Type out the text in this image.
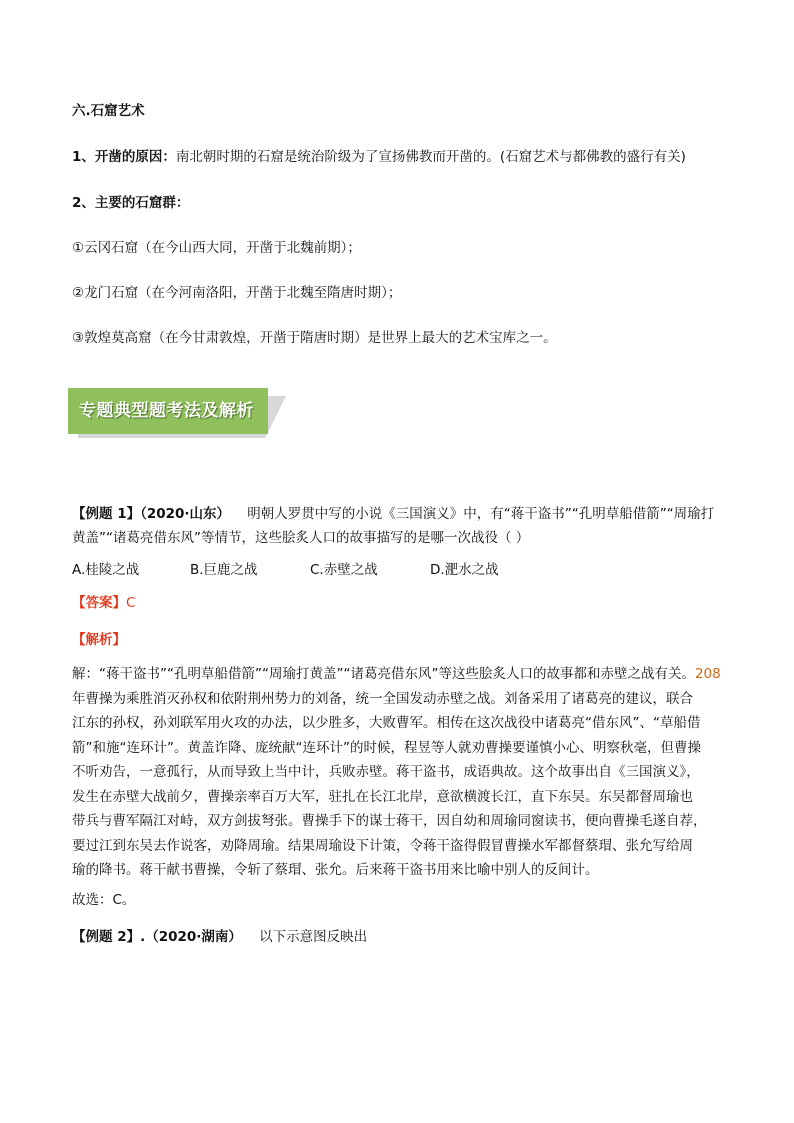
六.石窟艺术
1、开凿的原因：南北朝时期的石窟是统治阶级为了宣扬佛教而开凿的。(石窟艺术与都佛教的盛行有关)
2、主要的石窟群：
①云冈石窟（在今山西大同，开凿于北魏前期）；
②龙门石窟（在今河南洛阳，开凿于北魏至隋唐时期）；
③敦煌莫高窟（在今甘肃敦煌，开凿于隋唐时期）是世界上最大的艺术宝库之一。
专题典型题考法及解析
【例题 1】（2020·山东） 明朝人罗贯中写的小说《三国演义》中，有“蒋干盗书”“孔明草船借箭”“周瑜打
黄盖”“诸葛亮借东风”等情节，这些脍炙人口的故事描写的是哪一次战役（ ）
A.桂陵之战	B.巨鹿之战	C.赤壁之战	D.淝水之战
【答案】C
【解析】
解：“蒋干盗书”“孔明草船借箭”“周瑜打黄盖”“诸葛亮借东风”等这些脍炙人口的故事都和赤壁之战有关。208
年曹操为乘胜消灭孙权和依附荆州势力的刘备，统一全国发动赤壁之战。刘备采用了诸葛亮的建议，联合
江东的孙权，孙刘联军用火攻的办法，以少胜多，大败曹军。相传在这次战役中诸葛亮“借东风”、“草船借
箭”和施“连环计”。黄盖诈降、庞统献“连环计”的时候，程昱等人就劝曹操要谨慎小心、明察秋毫，但曹操
不听劝告，一意孤行，从而导致上当中计，兵败赤壁。蒋干盗书，成语典故。这个故事出自《三国演义》，
发生在赤壁大战前夕，曹操亲率百万大军，驻扎在长江北岸，意欲横渡长江，直下东吴。东吴都督周瑜也
带兵与曹军隔江对峙，双方剑拔弩张。曹操手下的谋士蒋干，因自幼和周瑜同窗读书，便向曹操毛遂自荐，
要过江到东吴去作说客，劝降周瑜。结果周瑜设下计策，令蒋干盗得假冒曹操水军都督蔡瑁、张允写给周
瑜的降书。蒋干献书曹操，令斩了蔡瑁、张允。后来蒋干盗书用来比喻中别人的反间计。
故选：C。
【例题 2】.（2020·湖南） 以下示意图反映出
